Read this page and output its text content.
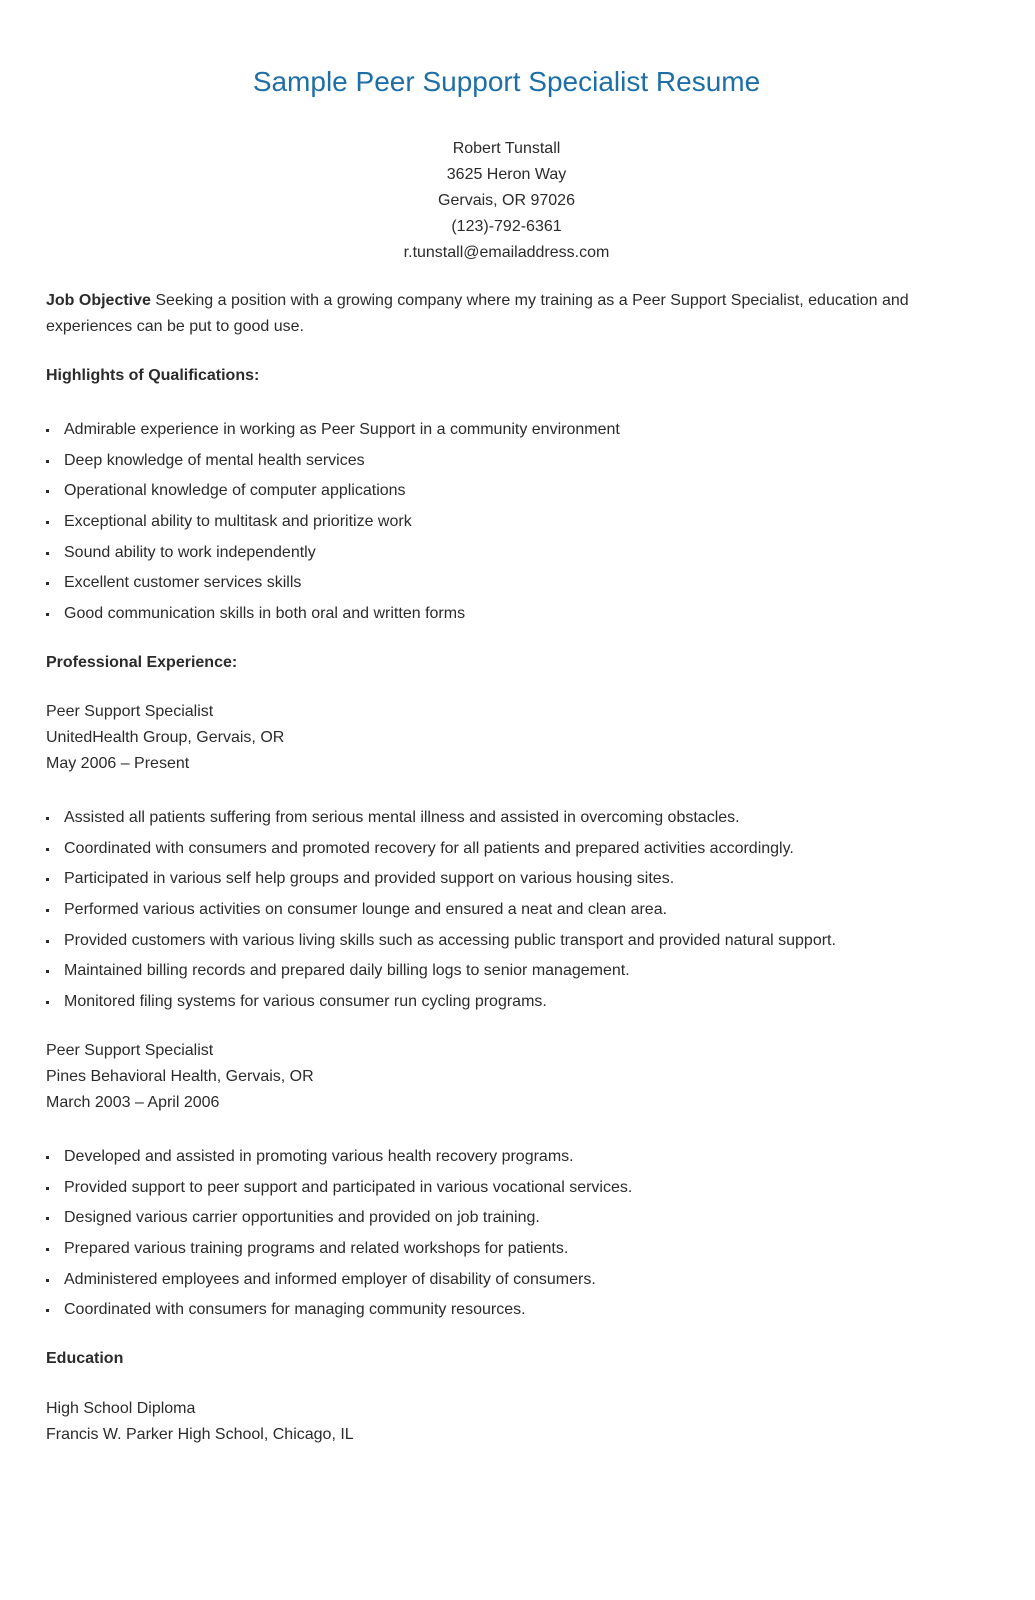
Sample Peer Support Specialist Resume
Robert Tunstall
3625 Heron Way
Gervais, OR 97026
(123)-792-6361
r.tunstall@emailaddress.com
Job Objective Seeking a position with a growing company where my training as a Peer Support Specialist, education and experiences can be put to good use.
Highlights of Qualifications:
Admirable experience in working as Peer Support in a community environment
Deep knowledge of mental health services
Operational knowledge of computer applications
Exceptional ability to multitask and prioritize work
Sound ability to work independently
Excellent customer services skills
Good communication skills in both oral and written forms
Professional Experience:
Peer Support Specialist
UnitedHealth Group, Gervais, OR
May 2006 – Present
Assisted all patients suffering from serious mental illness and assisted in overcoming obstacles.
Coordinated with consumers and promoted recovery for all patients and prepared activities accordingly.
Participated in various self help groups and provided support on various housing sites.
Performed various activities on consumer lounge and ensured a neat and clean area.
Provided customers with various living skills such as accessing public transport and provided natural support.
Maintained billing records and prepared daily billing logs to senior management.
Monitored filing systems for various consumer run cycling programs.
Peer Support Specialist
Pines Behavioral Health, Gervais, OR
March 2003 – April 2006
Developed and assisted in promoting various health recovery programs.
Provided support to peer support and participated in various vocational services.
Designed various carrier opportunities and provided on job training.
Prepared various training programs and related workshops for patients.
Administered employees and informed employer of disability of consumers.
Coordinated with consumers for managing community resources.
Education
High School Diploma
Francis W. Parker High School, Chicago, IL
